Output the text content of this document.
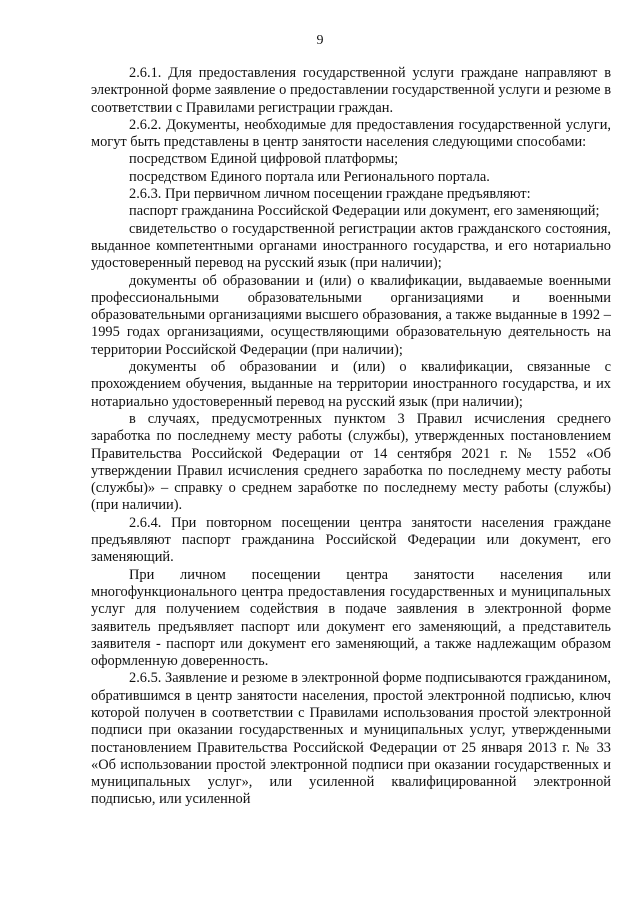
9

2.6.1. Для предоставления государственной услуги граждане направляют в электронной форме заявление о предоставлении государственной услуги и резюме в соответствии с Правилами регистрации граждан.

2.6.2. Документы, необходимые для предоставления государственной услуги, могут быть представлены в центр занятости населения следующими способами:

посредством Единой цифровой платформы;

посредством Единого портала или Регионального портала.

2.6.3. При первичном личном посещении граждане предъявляют:

паспорт гражданина Российской Федерации или документ, его заменяющий;

свидетельство о государственной регистрации актов гражданского состояния, выданное компетентными органами иностранного государства, и его нотариально удостоверенный перевод на русский язык (при наличии);

документы об образовании и (или) о квалификации, выдаваемые военными профессиональными образовательными организациями и военными образовательными организациями высшего образования, а также выданные в 1992 – 1995 годах организациями, осуществляющими образовательную деятельность на территории Российской Федерации (при наличии);

документы об образовании и (или) о квалификации, связанные с прохождением обучения, выданные на территории иностранного государства, и их нотариально удостоверенный перевод на русский язык (при наличии);

в случаях, предусмотренных пунктом 3 Правил исчисления среднего заработка по последнему месту работы (службы), утвержденных постановлением Правительства Российской Федерации от 14 сентября 2021 г. № 1552 «Об утверждении Правил исчисления среднего заработка по последнему месту работы (службы)» – справку о среднем заработке по последнему месту работы (службы) (при наличии).

2.6.4. При повторном посещении центра занятости населения граждане предъявляют паспорт гражданина Российской Федерации или документ, его заменяющий.

При личном посещении центра занятости населения или многофункционального центра предоставления государственных и муниципальных услуг для получением содействия в подаче заявления в электронной форме заявитель предъявляет паспорт или документ его заменяющий, а представитель заявителя - паспорт или документ его заменяющий, а также надлежащим образом оформленную доверенность.

2.6.5. Заявление и резюме в электронной форме подписываются гражданином, обратившимся в центр занятости населения, простой электронной подписью, ключ которой получен в соответствии с Правилами использования простой электронной подписи при оказании государственных и муниципальных услуг, утвержденными постановлением Правительства Российской Федерации от 25 января 2013 г. № 33 «Об использовании простой электронной подписи при оказании государственных и муниципальных услуг», или усиленной квалифицированной электронной подписью, или усиленной
